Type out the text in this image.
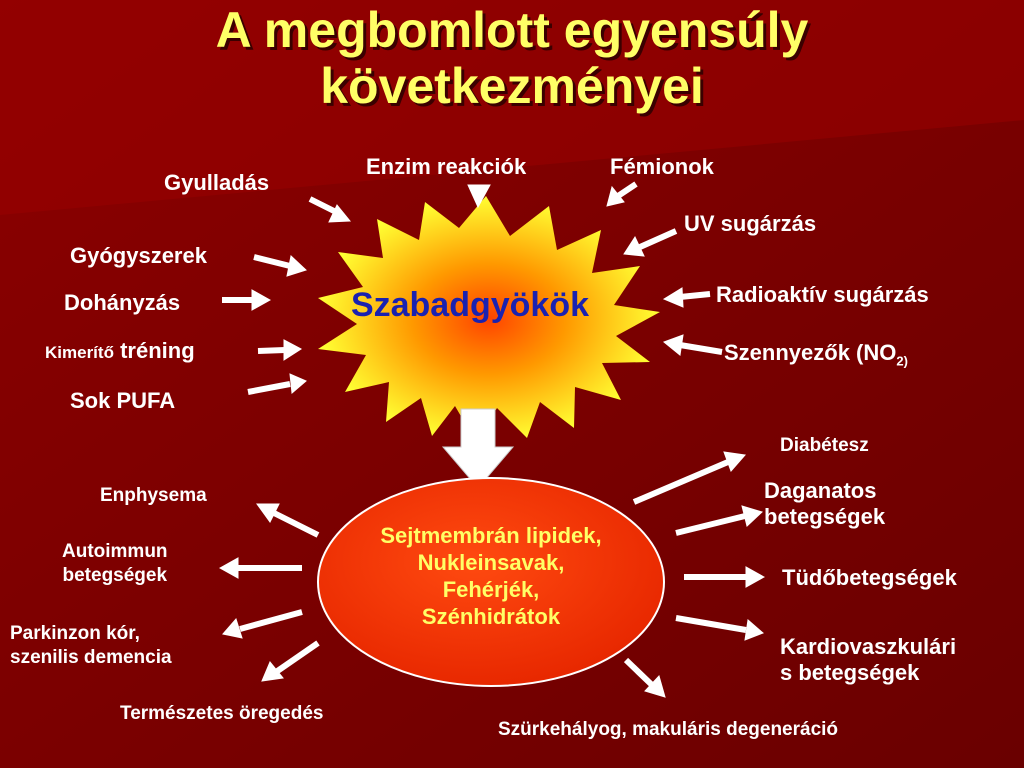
A megbomlott egyensúly
következményei
Szabadgyökök
Sejtmembrán lipidek,
Nukleinsavak,
Fehérjék,
Szénhidrátok
Gyulladás
Enzim reakciók	Fémionok
UV sugárzás
Gyógyszerek
Dohányzás
Kimerítő tréning
Radioaktív sugárzás
Szennyezők ($NO_{2)}$
Sok PUFA
Diabétesz
Daganatos
betegségek
Enphysema
Autoimmun
betegségek	Tüdőbetegségek
Parkinzon kór,
szenilis demencia	Kardiovaszkulári
s betegségek
Természetes öregedés
Szürkehályog, makuláris degeneráció
